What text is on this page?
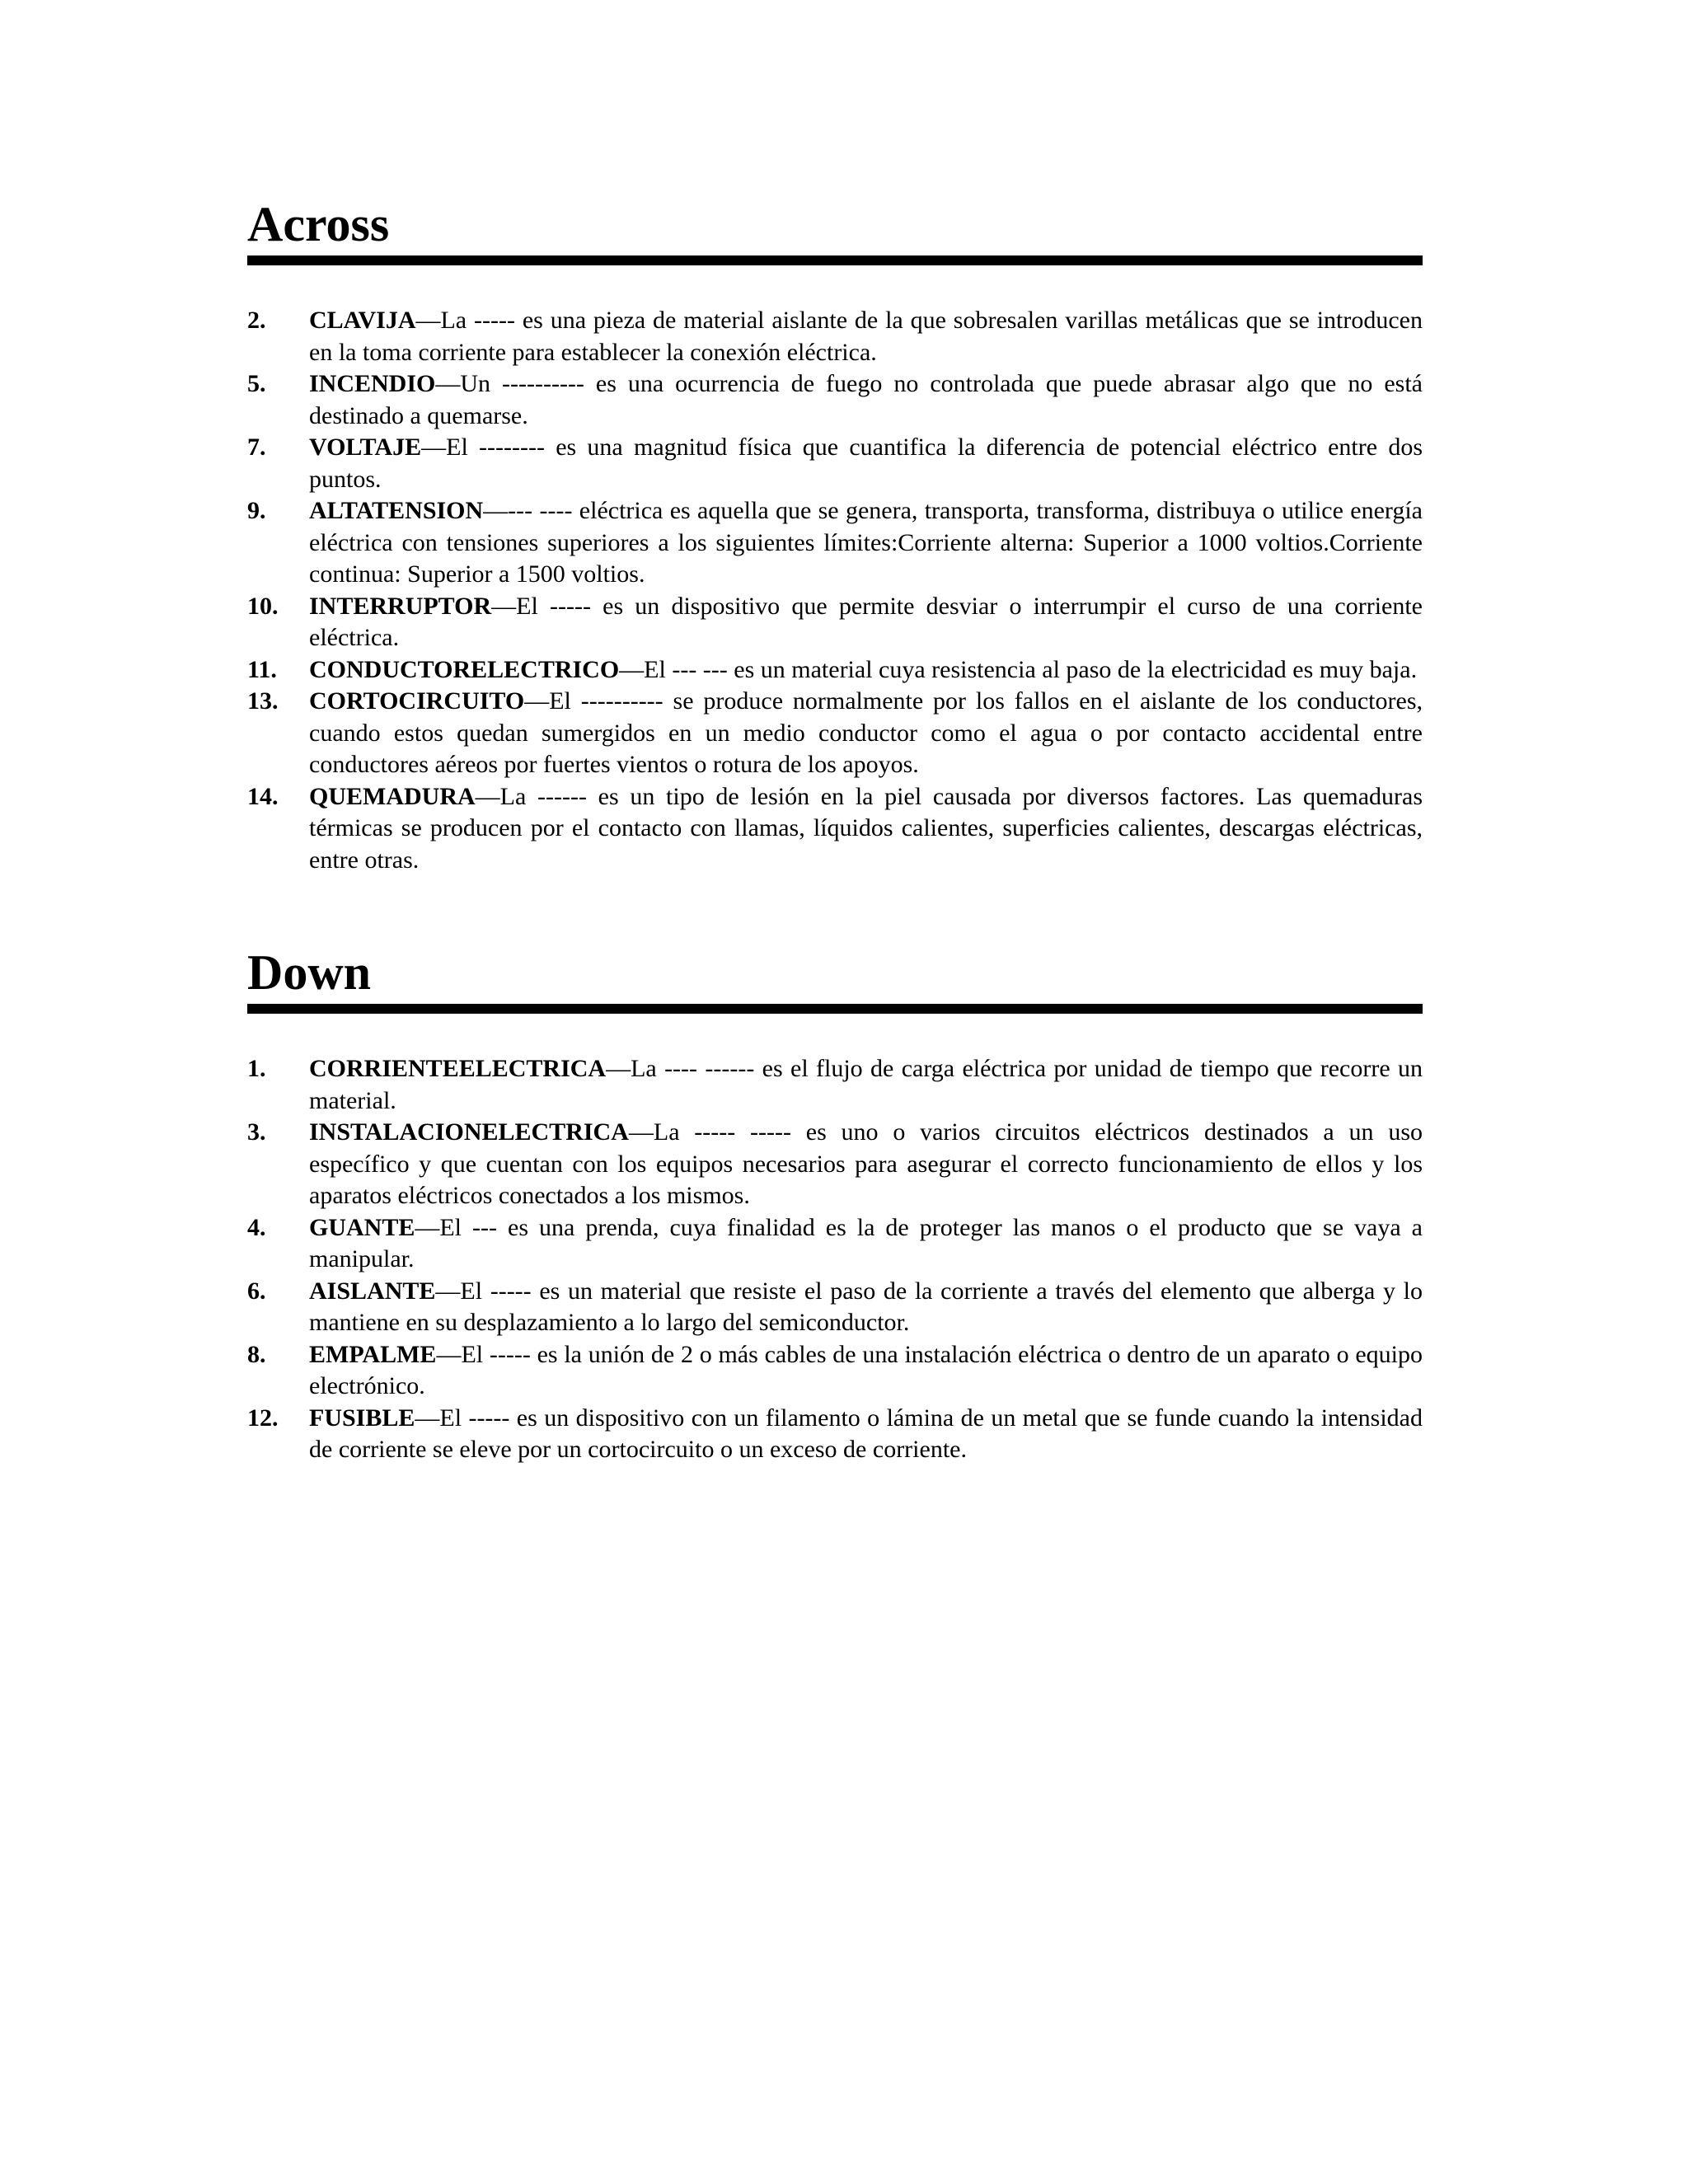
Across
2. CLAVIJA—La ----- es una pieza de material aislante de la que sobresalen varillas metálicas que se introducen en la toma corriente para establecer la conexión eléctrica.
5. INCENDIO—Un ---------- es una ocurrencia de fuego no controlada que puede abrasar algo que no está destinado a quemarse.
7. VOLTAJE—El -------- es una magnitud física que cuantifica la diferencia de potencial eléctrico entre dos puntos.
9. ALTATENSION—--- ---- eléctrica es aquella que se genera, transporta, transforma, distribuya o utilice energía eléctrica con tensiones superiores a los siguientes límites:Corriente alterna: Superior a 1000 voltios.Corriente continua: Superior a 1500 voltios.
10. INTERRUPTOR—El ----- es un dispositivo que permite desviar o interrumpir el curso de una corriente eléctrica.
11. CONDUCTORELECTRICO—El --- --- es un material cuya resistencia al paso de la electricidad es muy baja.
13. CORTOCIRCUITO—El ---------- se produce normalmente por los fallos en el aislante de los conductores, cuando estos quedan sumergidos en un medio conductor como el agua o por contacto accidental entre conductores aéreos por fuertes vientos o rotura de los apoyos.
14. QUEMADURA—La ------ es un tipo de lesión en la piel causada por diversos factores. Las quemaduras térmicas se producen por el contacto con llamas, líquidos calientes, superficies calientes, descargas eléctricas, entre otras.
Down
1. CORRIENTEELECTRICA—La ---- ------ es el flujo de carga eléctrica por unidad de tiempo que recorre un material.
3. INSTALACIONELECTRICA—La ----- ----- es uno o varios circuitos eléctricos destinados a un uso específico y que cuentan con los equipos necesarios para asegurar el correcto funcionamiento de ellos y los aparatos eléctricos conectados a los mismos.
4. GUANTE—El --- es una prenda, cuya finalidad es la de proteger las manos o el producto que se vaya a manipular.
6. AISLANTE—El ----- es un material que resiste el paso de la corriente a través del elemento que alberga y lo mantiene en su desplazamiento a lo largo del semiconductor.
8. EMPALME—El ----- es la unión de 2 o más cables de una instalación eléctrica o dentro de un aparato o equipo electrónico.
12. FUSIBLE—El ----- es un dispositivo con un filamento o lámina de un metal que se funde cuando la intensidad de corriente se eleve por un cortocircuito o un exceso de corriente.
